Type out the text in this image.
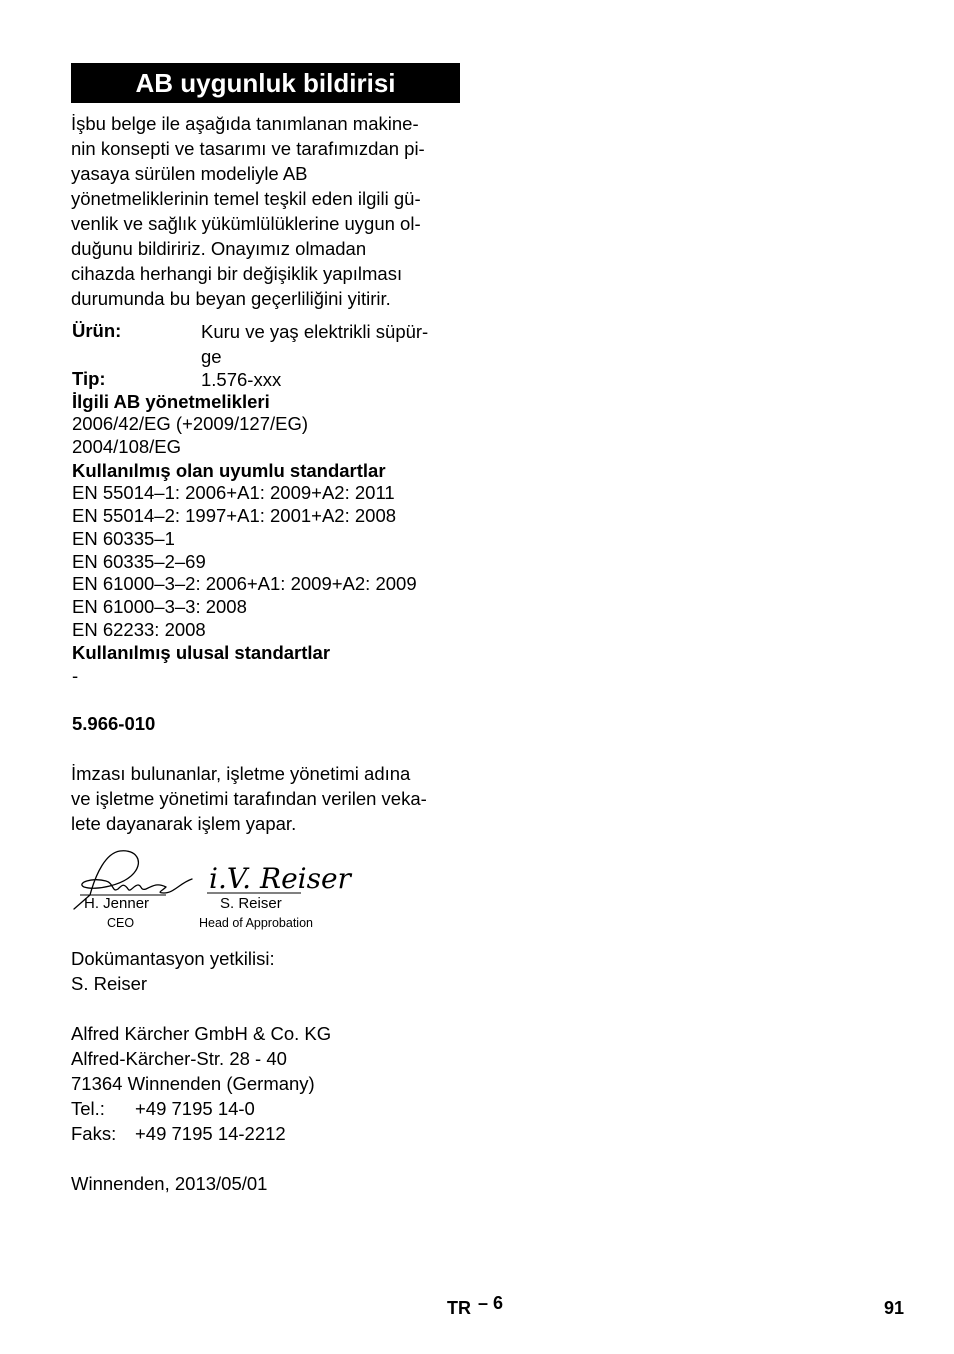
AB uygunluk bildirisi
İşbu belge ile aşağıda tanımlanan makine-
nin konsepti ve tasarımı ve tarafımızdan pi-
yasaya sürülen modeliyle AB
yönetmeliklerinin temel teşkil eden ilgili gü-
venlik ve sağlık yükümlülüklerine uygun ol-
duğunu bildiririz. Onayımız olmadan
cihazda herhangi bir değişiklik yapılması
durumunda bu beyan geçerliliğini yitirir.
Ürün:	Kuru ve yaş elektrikli süpür-
ge
Tip:	1.576-xxx
İlgili AB yönetmelikleri
2006/42/EG (+2009/127/EG)
2004/108/EG
Kullanılmış olan uyumlu standartlar
EN 55014–1: 2006+A1: 2009+A2: 2011
EN 55014–2: 1997+A1: 2001+A2: 2008
EN 60335–1
EN 60335–2–69
EN 61000–3–2: 2006+A1: 2009+A2: 2009
EN 61000–3–3: 2008
EN 62233: 2008
Kullanılmış ulusal standartlar
-
5.966-010
İmzası bulunanlar, işletme yönetimi adına
ve işletme yönetimi tarafından verilen veka-
lete dayanarak işlem yapar.
H. Jenner
CEO
i.V. Reiser
S. Reiser
Head of Approbation
Dokümantasyon yetkilisi:
S. Reiser
Alfred Kärcher GmbH & Co. KG
Alfred-Kärcher-Str. 28 - 40
71364 Winnenden (Germany)
Tel.: +49 7195 14-0
Faks: +49 7195 14-2212
Winnenden, 2013/05/01
TR – 6	91
